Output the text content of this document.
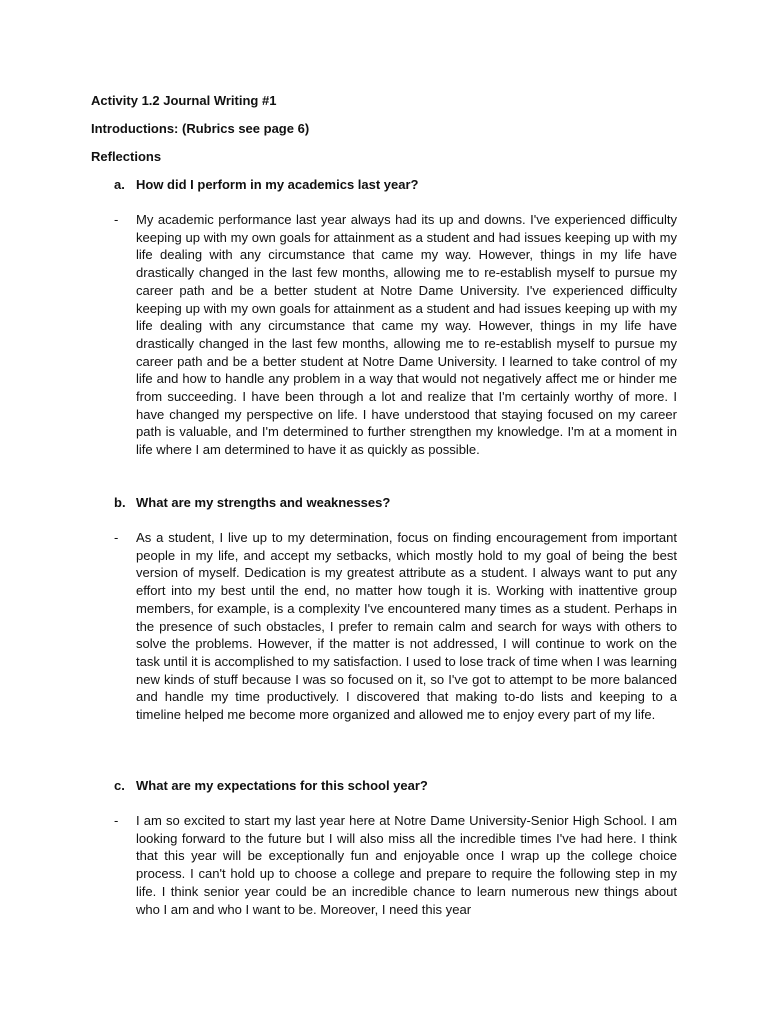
Activity 1.2 Journal Writing #1
Introductions: (Rubrics see page 6)
Reflections
a. How did I perform in my academics last year?
- My academic performance last year always had its up and downs. I've experienced difficulty keeping up with my own goals for attainment as a student and had issues keeping up with my life dealing with any circumstance that came my way. However, things in my life have drastically changed in the last few months, allowing me to re-establish myself to pursue my career path and be a better student at Notre Dame University. I've experienced difficulty keeping up with my own goals for attainment as a student and had issues keeping up with my life dealing with any circumstance that came my way. However, things in my life have drastically changed in the last few months, allowing me to re-establish myself to pursue my career path and be a better student at Notre Dame University. I learned to take control of my life and how to handle any problem in a way that would not negatively affect me or hinder me from succeeding. I have been through a lot and realize that I'm certainly worthy of more. I have changed my perspective on life. I have understood that staying focused on my career path is valuable, and I'm determined to further strengthen my knowledge. I'm at a moment in life where I am determined to have it as quickly as possible.
b. What are my strengths and weaknesses?
- As a student, I live up to my determination, focus on finding encouragement from important people in my life, and accept my setbacks, which mostly hold to my goal of being the best version of myself. Dedication is my greatest attribute as a student. I always want to put any effort into my best until the end, no matter how tough it is. Working with inattentive group members, for example, is a complexity I've encountered many times as a student. Perhaps in the presence of such obstacles, I prefer to remain calm and search for ways with others to solve the problems. However, if the matter is not addressed, I will continue to work on the task until it is accomplished to my satisfaction. I used to lose track of time when I was learning new kinds of stuff because I was so focused on it, so I've got to attempt to be more balanced and handle my time productively. I discovered that making to-do lists and keeping to a timeline helped me become more organized and allowed me to enjoy every part of my life.
c. What are my expectations for this school year?
- I am so excited to start my last year here at Notre Dame University-Senior High School. I am looking forward to the future but I will also miss all the incredible times I've had here. I think that this year will be exceptionally fun and enjoyable once I wrap up the college choice process. I can't hold up to choose a college and prepare to require the following step in my life. I think senior year could be an incredible chance to learn numerous new things about who I am and who I want to be. Moreover, I need this year
